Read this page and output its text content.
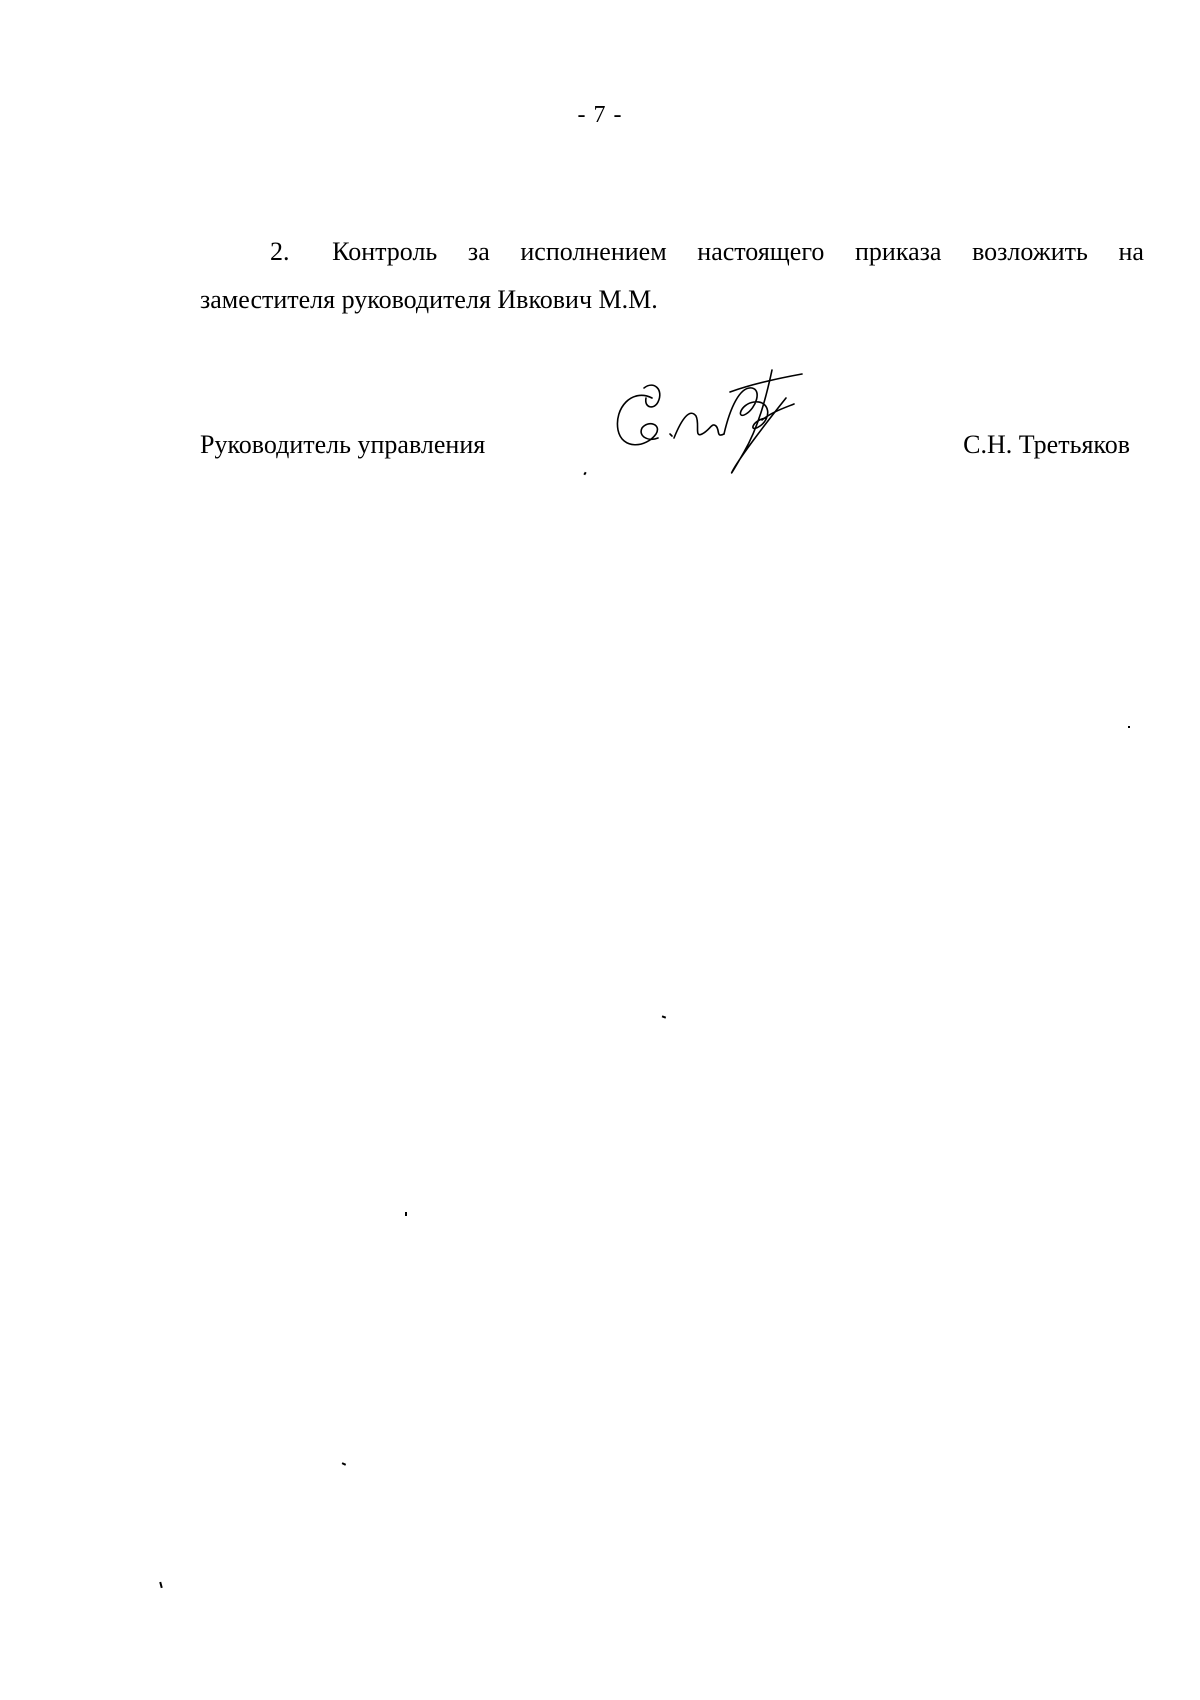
- 7 -
2. Контроль за исполнением настоящего приказа возложить на
заместителя руководителя Ивкович М.М.
Руководитель управления	С.Н. Третьяков
